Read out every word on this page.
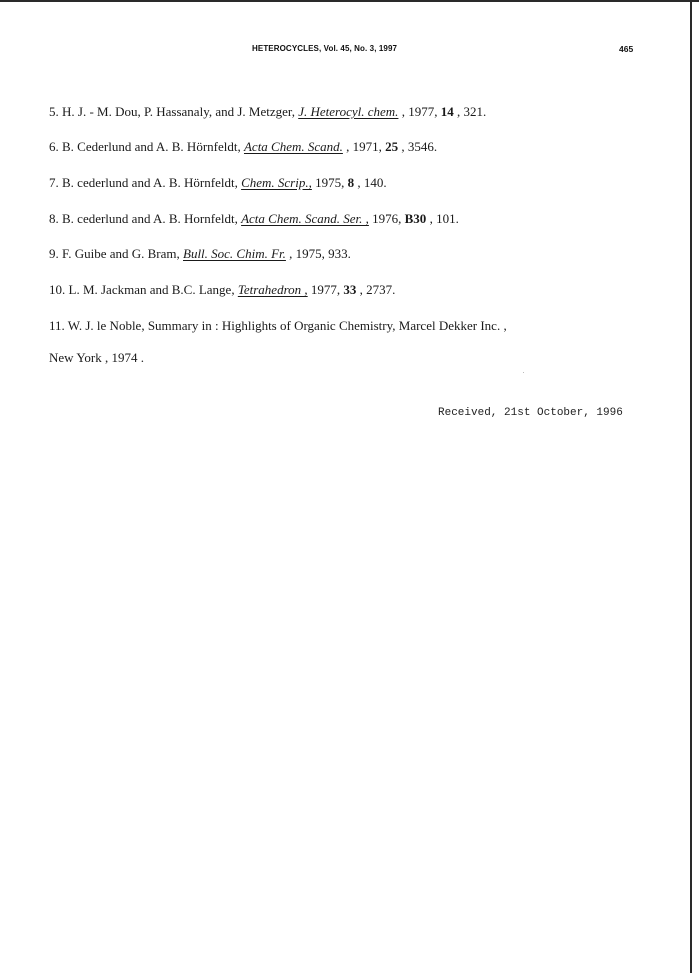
HETEROCYCLES, Vol. 45, No. 3, 1997	465
5. H. J. - M. Dou, P. Hassanaly, and J. Metzger, J. Heterocyl. chem. , 1977, 14 , 321.
6. B. Cederlund and A. B. Hörnfeldt, Acta Chem. Scand. , 1971, 25 , 3546.
7. B. cederlund and A. B. Hörnfeldt, Chem. Scrip., 1975, 8 , 140.
8. B. cederlund and A. B. Hornfeldt, Acta Chem. Scand. Ser. , 1976, B30 , 101.
9. F. Guibe and G. Bram, Bull. Soc. Chim. Fr. , 1975, 933.
10. L. M. Jackman and B.C. Lange, Tetrahedron , 1977, 33 , 2737.
11. W. J. le Noble, Summary in : Highlights of Organic Chemistry, Marcel Dekker Inc. ,
New York , 1974 .
Received, 21st October, 1996
